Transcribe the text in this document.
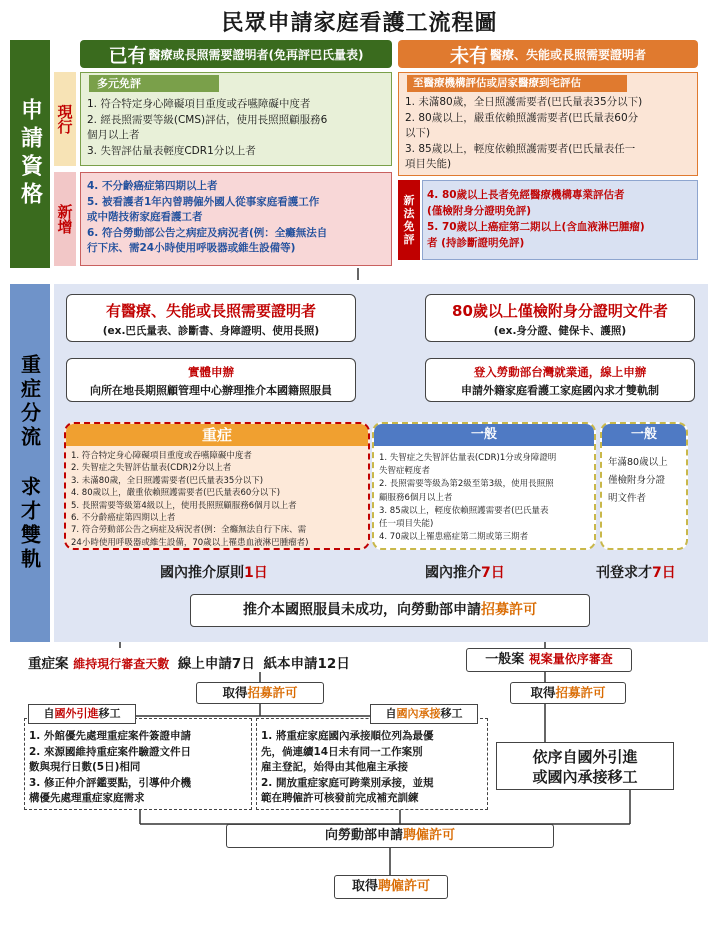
民眾申請家庭看護工流程圖
申請資格
已有 醫療或長照需要證明者(免再評巴氏量表)	未有 醫療、失能或長照需要證明者
現行
多元免評
1. 符合特定身心障礙項目重度或吞嚥障礙中度者
2. 經長照需要等級(CMS)評估，使用長照照顧服務6
個月以上者
3. 失智評估量表輕度CDR1分以上者
至醫療機構評估或居家醫療到宅評估
1. 未滿80歲，全日照護需要者(巴氏量表35分以下)
2. 80歲以上，嚴重依賴照護需要者(巴氏量表60分
以下)
3. 85歲以上，輕度依賴照護需要者(巴氏量表任一
項目失能)
新增
4. 不分齡癌症第四期以上者
5. 被看護者1年內曾聘僱外國人從事家庭看護工作
或中階技術家庭看護工者
6. 符合勞動部公告之病症及病況者(例：全癱無法自
行下床、需24小時使用呼吸器或維生設備等)
新法免評
4. 80歲以上長者免經醫療機構專業評估者
(僅檢附身分證明免評)
5. 70歲以上癌症第二期以上(含血液淋巴腫瘤)
者 (持診斷證明免評)
重症分流
求才雙軌
有醫療、失能或長照需要證明者
(ex.巴氏量表、診斷書、身障證明、使用長照)
80歲以上僅檢附身分證明文件者
(ex.身分證、健保卡、護照)
實體申辦
向所在地長期照顧管理中心辦理推介本國籍照服員
登入勞動部台灣就業通，線上申辦
申請外籍家庭看護工家庭國內求才雙軌制
重症
1. 符合特定身心障礙項目重度或吞嚥障礙中度者
2. 失智症之失智評估量表(CDR)2分以上者
3. 未滿80歲，全日照護需要者(巴氏量表35分以下)
4. 80歲以上，嚴重依賴照護需要者(巴氏量表60分以下)
5. 長照需要等級第4級以上，使用長照照顧服務6個月以上者
6. 不分齡癌症第四期以上者
7. 符合勞動部公告之病症及病況者(例：全癱無法自行下床、需
24小時使用呼吸器或維生設備，70歲以上罹患血液淋巴腫瘤者)
一般
1. 失智症之失智評估量表(CDR)1分或身障證明
失智症輕度者
2. 長照需要等級為第2級至第3級，使用長照照
顧服務6個月以上者
3. 85歲以上，輕度依賴照護需要者(巴氏量表
任一項目失能)
4. 70歲以上罹患癌症第二期或第三期者
一般
年滿80歲以上
僅檢附身分證
明文件者
國內推介原則1日	國內推介7日	刊登求才7日
推介本國照服員未成功，向勞動部申請招募許可
重症案 維持現行審查天數 線上申請7日 紙本申請12日	一般案 視案量依序審查
取得招募許可	取得招募許可
1. 外館優先處理重症案件簽證申請
2. 來源國維持重症案件驗證文件日
數與現行日數(5日)相同
3. 修正仲介評鑑要點，引導仲介機
構優先處理重症家庭需求
自國外引進移工
1. 將重症家庭國內承接順位列為最優
先，倘連續14日未有同一工作案別
雇主登記，始得由其他雇主承接
2. 開放重症家庭可跨業別承接，並規
範在聘僱許可核發前完成補充訓練
自國內承接移工
依序自國外引進
或國內承接移工
向勞動部申請聘僱許可
取得聘僱許可
